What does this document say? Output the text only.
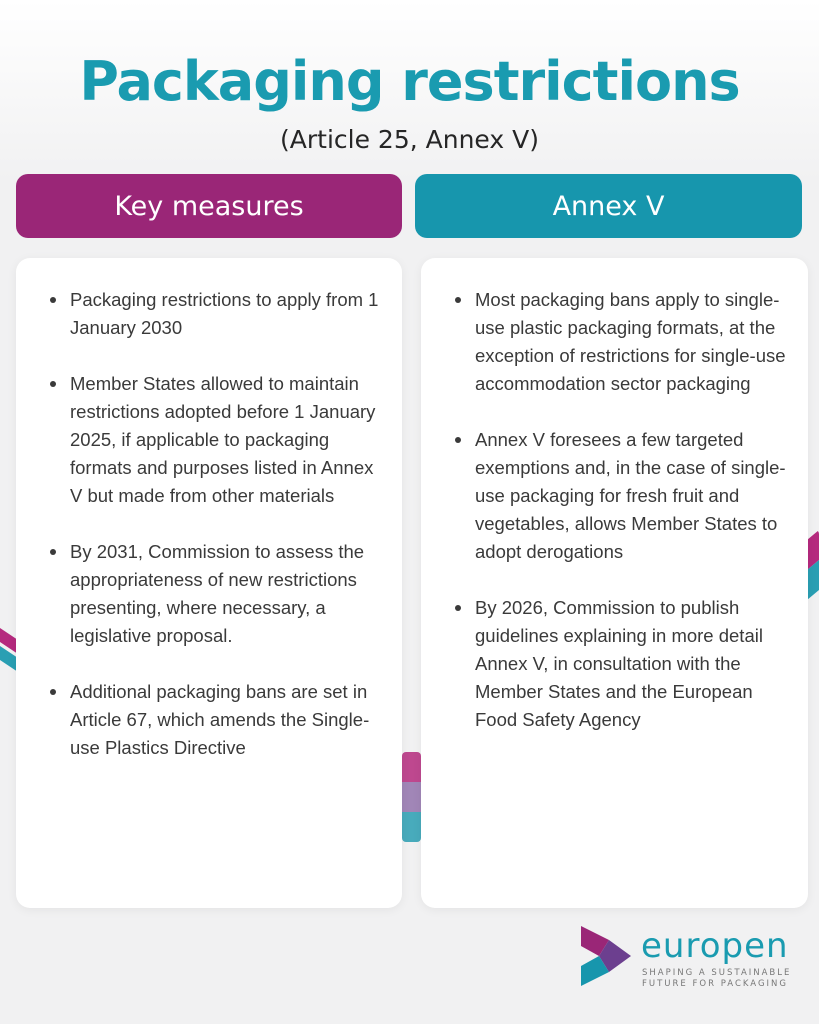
Packaging restrictions

(Article 25, Annex V)

Key measures	Annex V
Packaging restrictions to apply from 1 January 2030
Member States allowed to maintain restrictions adopted before 1 January 2025, if applicable to packaging formats and purposes listed in Annex V but made from other materials
By 2031, Commission to assess the appropriateness of new restrictions presenting, where necessary, a legislative proposal.
Additional packaging bans are set in Article 67, which amends the Single-use Plastics Directive
Most packaging bans apply to single-use plastic packaging formats, at the exception of restrictions for single-use accommodation sector packaging
Annex V foresees a few targeted exemptions and, in the case of single-use packaging for fresh fruit and vegetables, allows Member States to adopt derogations
By 2026, Commission to publish guidelines explaining in more detail Annex V, in consultation with the Member States and the European Food Safety Agency
europen
SHAPING A SUSTAINABLE FUTURE FOR PACKAGING
